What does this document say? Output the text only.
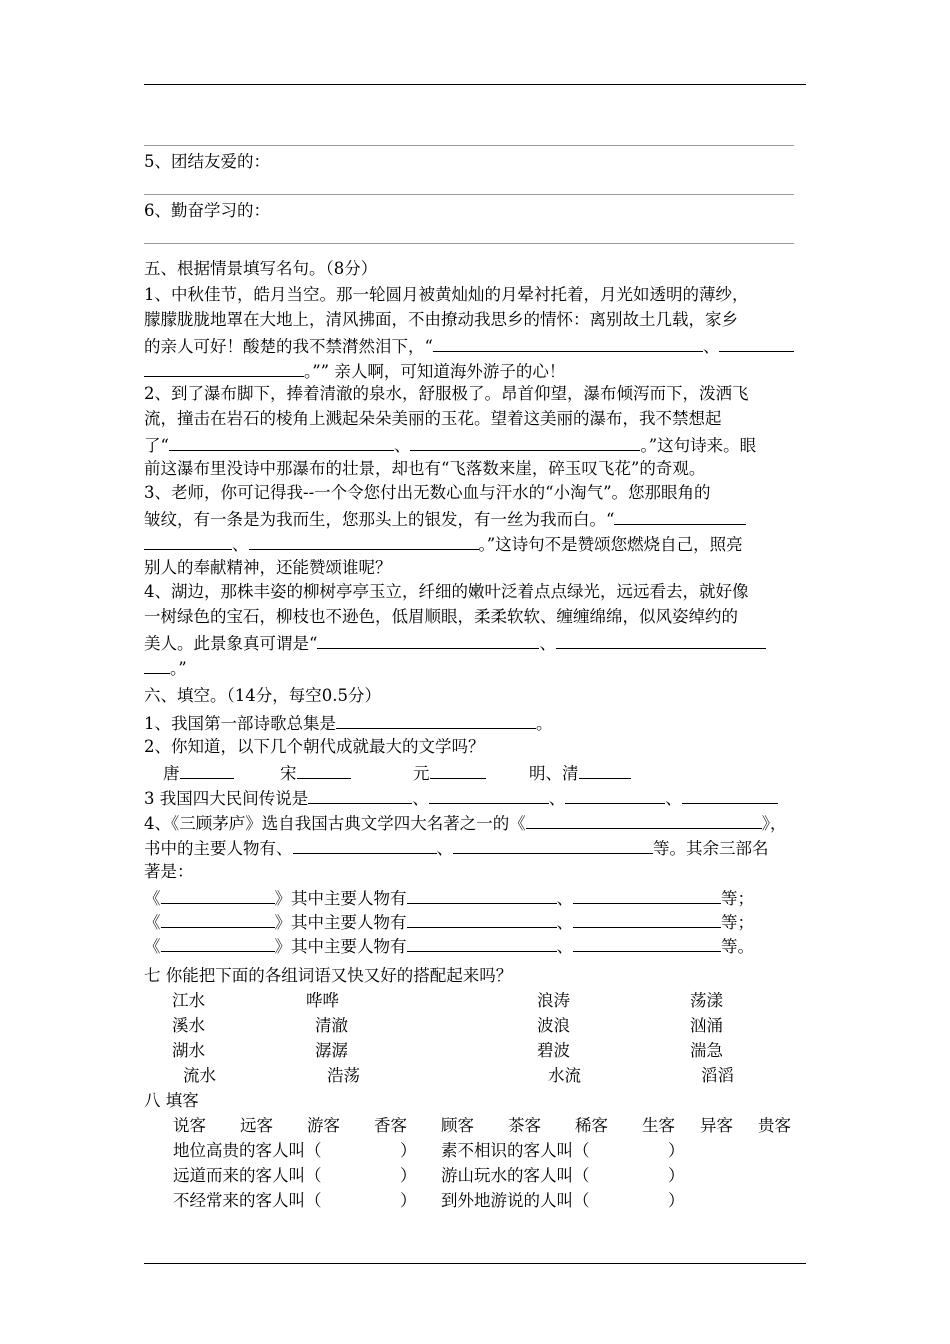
5、团结友爱的：
6、勤奋学习的：
五、根据情景填写名句。（8分）
1、中秋佳节，皓月当空。那一轮圆月被黄灿灿的月晕衬托着，月光如透明的薄纱，
朦朦胧胧地罩在大地上，清风拂面，不由撩动我思乡的情怀：离别故土几载，家乡
的亲人可好！酸楚的我不禁潸然泪下，“	、
。”” 亲人啊，可知道海外游子的心！
2、到了瀑布脚下，捧着清澈的泉水，舒服极了。昂首仰望，瀑布倾泻而下，泼洒飞
流，撞击在岩石的棱角上溅起朵朵美丽的玉花。望着这美丽的瀑布，我不禁想起
了“	、	。”这句诗来。眼
前这瀑布里没诗中那瀑布的壮景，却也有“飞落数来崖，碎玉叹飞花”的奇观。
3、老师，你可记得我--一个令您付出无数心血与汗水的“小淘气”。您那眼角的
皱纹，有一条是为我而生，您那头上的银发，有一丝为我而白。“
、	。”这诗句不是赞颂您燃烧自己，照亮
别人的奉献精神，还能赞颂谁呢？
4、湖边，那株丰姿的柳树亭亭玉立，纤细的嫩叶泛着点点绿光，远远看去，就好像
一树绿色的宝石，柳枝也不逊色，低眉顺眼，柔柔软软、缠缠绵绵，似风姿绰约的
美人。此景象真可谓是“	、
。”
六、填空。（14分，每空0.5分）
1、我国第一部诗歌总集是	。
2、你知道，以下几个朝代成就最大的文学吗？
唐	宋	元	明、清
3 我国四大民间传说是	、	、	、
4、《三顾茅庐》选自我国古典文学四大名著之一的《	》，
书中的主要人物有、	、	等。其余三部名
著是：
《	》其中主要人物有	、	等；
《	》其中主要人物有	、	等；
《	》其中主要人物有	、	等。
七 你能把下面的各组词语又快又好的搭配起来吗？
江水	哗哗	浪涛	荡漾
溪水	清澈	波浪	汹涌
湖水	潺潺	碧波	湍急
流水	浩荡	水流	滔滔
八 填客
说客 远客 游客 香客 顾客 茶客 稀客 生客 异客 贵客
地位高贵的客人叫（	） 素不相识的客人叫（	）
远道而来的客人叫（	） 游山玩水的客人叫（	）
不经常来的客人叫（	） 到外地游说的人叫（	）
